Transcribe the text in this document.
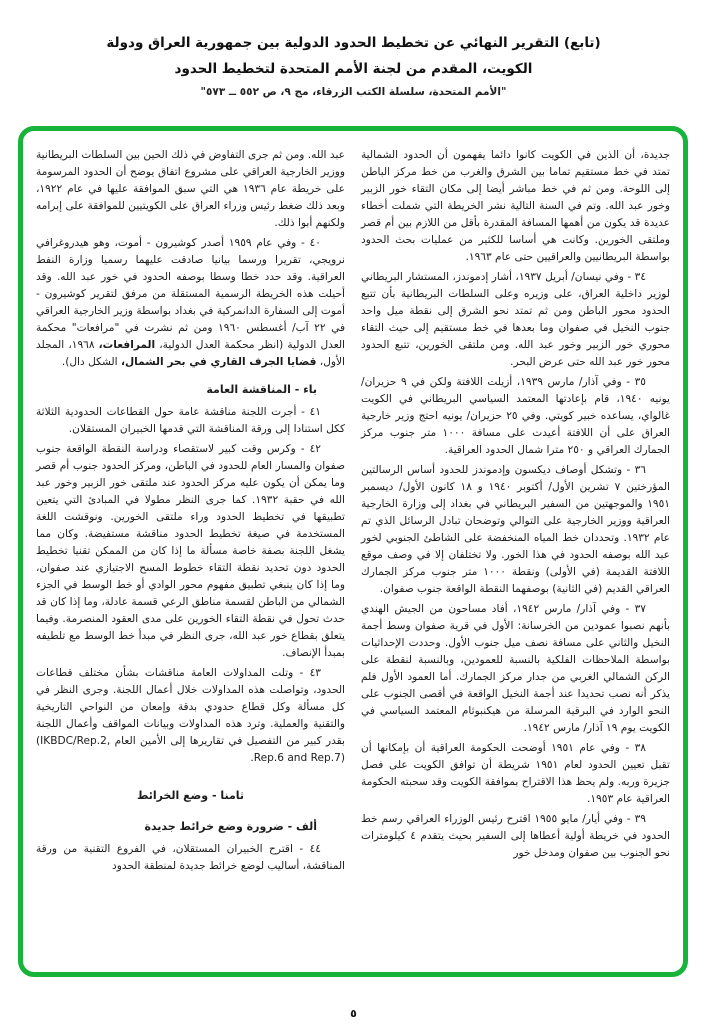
(تابع) التقرير النهائي عن تخطيط الحدود الدولية بين جمهورية العراق ودولة
الكويت، المقدم من لجنة الأمم المتحدة لتخطيط الحدود
"الأمم المتحدة، سلسلة الكتب الزرقاء، مج ٩، ص ٥٥٢ ــ ٥٧٣"

جديدة، أن الذين في الكويت كانوا دائما يفهمون أن الحدود الشمالية تمتد في خط مستقيم تماما بين الشرق والغرب من خط مركز الباطن إلى اللوحة. ومن ثم في خط مباشر أيضا إلى مكان التقاء خور الزبير وخور عبد الله. وتم في السنة التالية نشر الخريطة التي شملت أخطاء عديدة قد يكون من أهمها المسافة المقدرة بأقل من اللازم بين أم قصر وملتقى الخورين. وكانت هي أساسا للكثير من عمليات بحث الحدود بواسطة البريطانيين والعراقيين حتى عام ١٩٦٣.

٣٤ - وفي نيسان/ أبريل ١٩٣٧، أشار إدموندز، المستشار البريطاني لوزير داخلية العراق، على وزيره وعلى السلطات البريطانية بأن تتبع الحدود محور الباطن ومن ثم تمتد نحو الشرق إلى نقطة ميل واحد جنوب النخيل في صفوان وما بعدها في خط مستقيم إلى حيث التقاء محوري خور الزبير وخور عبد الله. ومن ملتقى الخورين، تتبع الحدود محور خور عبد الله حتى عرض البحر.

٣٥ - وفي آذار/ مارس ١٩٣٩، أزيلت اللافتة ولكن في ٩ حزيران/ يونيه ١٩٤٠، قام بإعادتها المعتمد السياسي البريطاني في الكويت غالواي، يساعده خبير كويتي. وفي ٢٥ حزيران/ يونيه احتج وزير خارجية العراق على أن اللافتة أعيدت على مسافة ١٠٠٠ متر جنوب مركز الجمارك العراقي و ٢٥٠ مترا شمال الحدود العراقية.

٣٦ - وتشكل أوصاف ديكسون وإدموندز للحدود أساس الرسالتين المؤرختين ٧ تشرين الأول/ أكتوبر ١٩٤٠ و ١٨ كانون الأول/ ديسمبر ١٩٥١ والموجهتين من السفير البريطاني في بغداد إلى وزارة الخارجية العراقية ووزير الخارجية على التوالي وتوضحان تبادل الرسائل الذي تم عام ١٩٣٢. وتحددان خط المياه المنخفضة على الشاطئ الجنوبي لخور عبد الله بوصفه الحدود في هذا الخور. ولا تختلفان إلا في وصف موقع اللافتة القديمة (في الأولى) ونقطة ١٠٠٠ متر جنوب مركز الجمارك العراقي القديم (في الثانية) بوصفهما النقطة الواقعة جنوب صفوان.

٣٧ - وفي آذار/ مارس ١٩٤٢، أفاد مساحون من الجيش الهندي بأنهم نصبوا عمودين من الخرسانة: الأول في قرية صفوان وسط أجمة النخيل والثاني على مسافة نصف ميل جنوب الأول. وحددت الإحداثيات بواسطة الملاحظات الفلكية بالنسبة للعمودين، وبالنسبة لنقطة على الركن الشمالي الغربي من جدار مركز الجمارك. أما العمود الأول فلم يذكر أنه نصب تحديدا عند أجمة النخيل الواقعة في أقصى الجنوب على النحو الوارد في البرقية المرسلة من هيكنبوثام المعتمد السياسي في الكويت يوم ١٩ آذار/ مارس ١٩٤٢.

٣٨ - وفي عام ١٩٥١ أوضحت الحكومة العراقية أن بإمكانها أن تقبل تعيين الحدود لعام ١٩٥١ شريطة أن توافق الكويت على فصل جزيرة وربه. ولم يحظ هذا الاقتراح بموافقة الكويت وقد سحبته الحكومة العراقية عام ١٩٥٣.

٣٩ - وفي أيار/ مايو ١٩٥٥ اقترح رئيس الوزراء العراقي رسم خط الحدود في خريطة أولية أعطاها إلى السفير بحيث يتقدم ٤ كيلومترات نحو الجنوب بين صفوان ومدخل خور

عبد الله. ومن ثم جرى التفاوض في ذلك الحين بين السلطات البريطانية ووزير الخارجية العراقي على مشروع اتفاق يوضح أن الحدود المرسومة على خريطة عام ١٩٣٦ هي التي سبق الموافقة عليها في عام ١٩٢٢، وبعد ذلك ضغط رئيس وزراء العراق على الكويتيين للموافقة على إبرامه ولكنهم أبوا ذلك.

٤٠ - وفي عام ١٩٥٩ أصدر كوشيرون - أموت، وهو هيدروغرافي نرويجي، تقريرا ورسما بيانيا صادقت عليهما رسميا وزارة النفط العراقية. وقد حدد خطا وسطا بوصفه الحدود في خور عبد الله. وقد أحيلت هذه الخريطة الرسمية المستقلة من مرفق لتقرير كوشيرون - أموت إلى السفارة الدانمركية في بغداد بواسطة وزير الخارجية العراقي في ٢٢ آب/ أغسطس ١٩٦٠ ومن ثم نشرت في "مرافعات" محكمة العدل الدولية (انظر محكمة العدل الدولية، المرافعات، ١٩٦٨، المجلد الأول، قضايا الجرف القاري في بحر الشمال، الشكل دال).

باء - المناقشة العامة

٤١ - أجرت اللجنة مناقشة عامة حول القطاعات الحدودية الثلاثة ككل استنادا إلى ورقة المناقشة التي قدمها الخبيران المستقلان.

٤٢ - وكرس وقت كبير لاستقصاء ودراسة النقطة الواقعة جنوب صفوان والمسار العام للحدود في الباطن، ومركز الحدود جنوب أم قصر وما يمكن أن يكون عليه مركز الحدود عند ملتقى خور الزبير وخور عبد الله في حقبة ١٩٣٢. كما جرى النظر مطولا في المبادئ التي يتعين تطبيقها في تخطيط الحدود وراء ملتقى الخورين. ونوقشت اللغة المستخدمة في صيغة تخطيط الحدود مناقشة مستفيضة. وكان مما يشغل اللجنة بصفة خاصة مسألة ما إذا كان من الممكن تقنيا تخطيط الحدود دون تحديد نقطة التقاء خطوط المسح الاجتيازي عند صفوان، وما إذا كان ينبغي تطبيق مفهوم محور الوادي أو خط الوسط في الجزء الشمالي من الباطن لقسمة مناطق الرعي قسمة عادلة، وما إذا كان قد حدث تحول في نقطة التقاء الخورين على مدى العقود المنصرمة. وفيما يتعلق بقطاع خور عبد الله، جرى النظر في مبدأ خط الوسط مع تلطيفه بمبدأ الإنصاف.

٤٣ - وتلت المداولات العامة مناقشات بشأن مختلف قطاعات الحدود، وتواصلت هذه المداولات خلال أعمال اللجنة. وجرى النظر في كل مسألة وكل قطاع حدودي بدقة وإمعان من النواحي التاريخية والتقنية والعملية. وترد هذه المداولات وبيانات المواقف وأعمال اللجنة بقدر كبير من التفصيل في تقاريرها إلى الأمين العام (IKBDC/Rep.2, Rep.6 and Rep.7).

ثامنا - وضع الخرائط
ألف - ضرورة وضع خرائط جديدة

٤٤ - اقترح الخبيران المستقلان، في الفروع التقنية من ورقة المناقشة، أساليب لوضع خرائط جديدة لمنطقة الحدود

٥
